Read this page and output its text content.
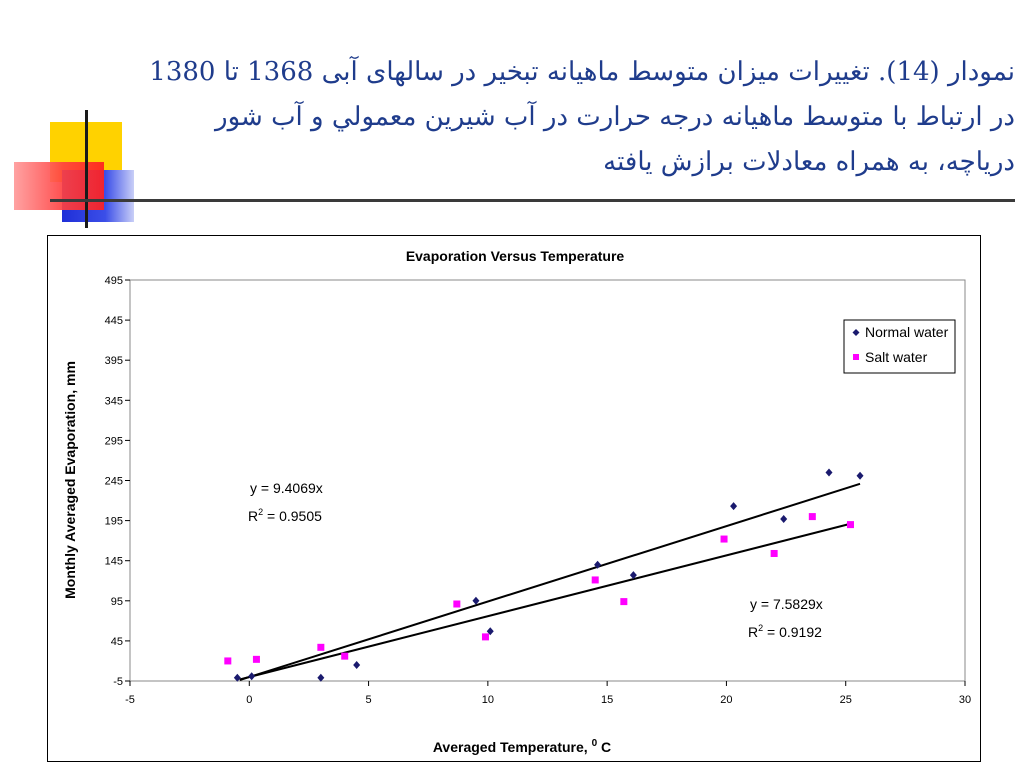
نمودار (14). تغییرات میزان متوسط ماهیانه تبخیر در سالهای آبی 1368 تا 1380 در ارتباط با متوسط ماهیانه درجه حرارت در آب شیرين معمولي و آب شور درياچه، به همراه معادلات برازش يافته
Evaporation Versus Temperature
-5
45
95
145
195
245
295
345
395
445
495
-5	0	5	10	15	20	25	30
Monthly Averaged Evaporation, mm
Averaged Temperature, $^0$ C
y = 9.4069x
$R^2 = 0.9505$
y = 7.5829x
$R^2 = 0.9192$
Normal water
Salt water
